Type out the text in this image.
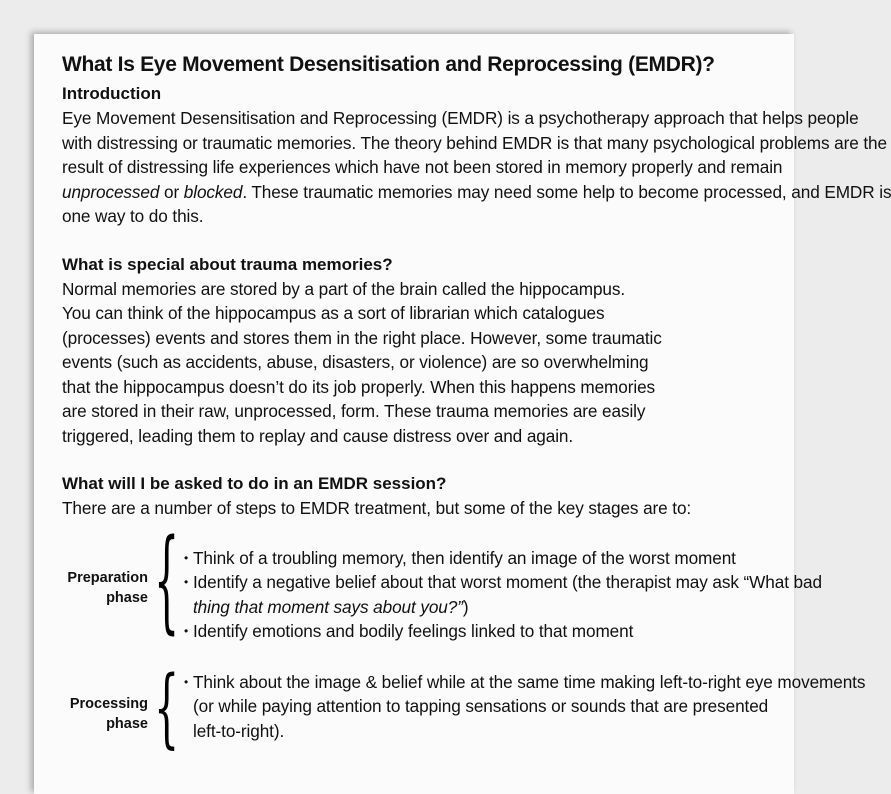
What Is Eye Movement Desensitisation and Reprocessing (EMDR)?
Introduction

Eye Movement Desensitisation and Reprocessing (EMDR) is a psychotherapy approach that helps people

with distressing or traumatic memories. The theory behind EMDR is that many psychological problems are the

result of distressing life experiences which have not been stored in memory properly and remain

unprocessed or blocked. These traumatic memories may need some help to become processed, and EMDR is

one way to do this.

What is special about trauma memories?

Normal memories are stored by a part of the brain called the hippocampus.

You can think of the hippocampus as a sort of librarian which catalogues

(processes) events and stores them in the right place. However, some traumatic

events (such as accidents, abuse, disasters, or violence) are so overwhelming

that the hippocampus doesn’t do its job properly. When this happens memories

are stored in their raw, unprocessed, form. These trauma memories are easily

triggered, leading them to replay and cause distress over and again.

What will I be asked to do in an EMDR session?

There are a number of steps to EMDR treatment, but some of the key stages are to:

Preparation phase { • Think of a troubling memory, then identify an image of the worst moment

• Identify a negative belief about that worst moment (the therapist may ask “What bad

thing that moment says about you?”)

• Identify emotions and bodily feelings linked to that moment

Processing phase { • Think about the image & belief while at the same time making left-to-right eye movements

(or while paying attention to tapping sensations or sounds that are presented

left-to-right).
